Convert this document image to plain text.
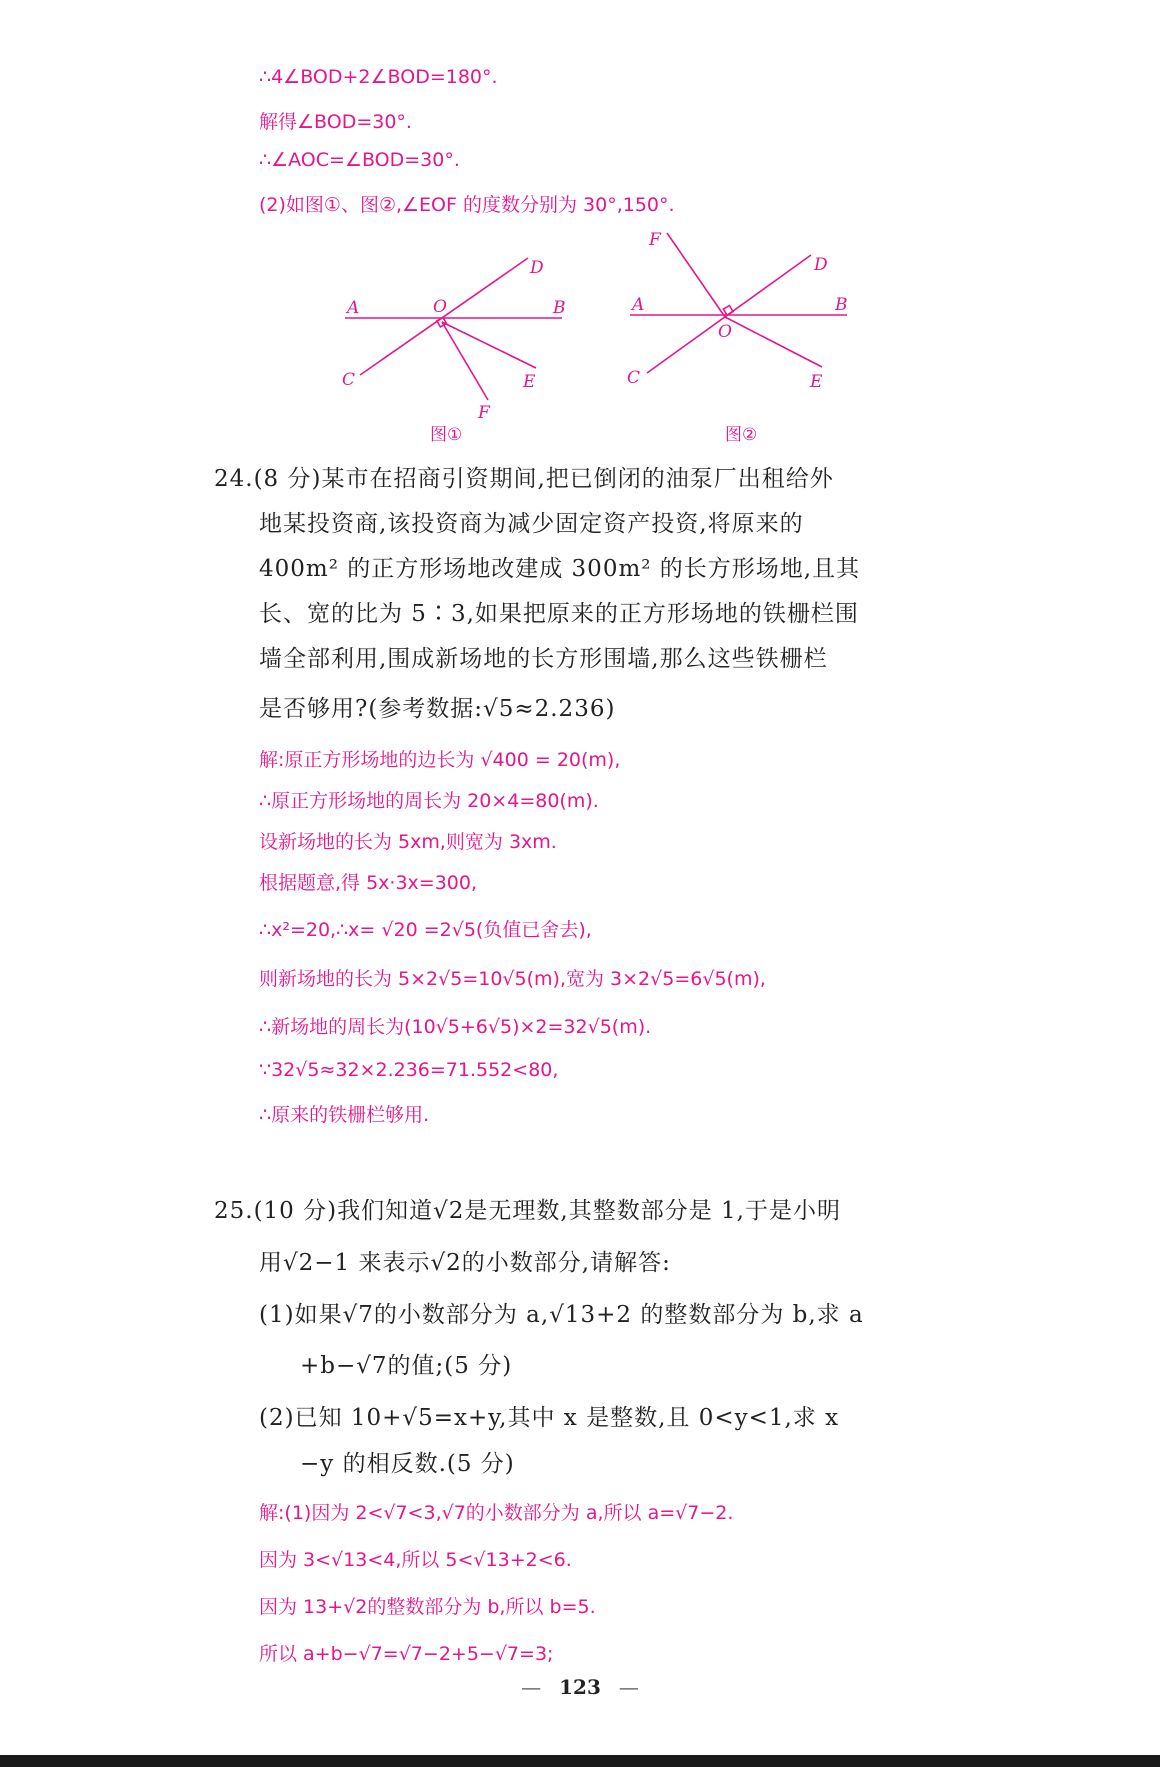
∴4∠BOD+2∠BOD=180°.
解得∠BOD=30°.
∴∠AOC=∠BOD=30°.
(2)如图①、图②,∠EOF 的度数分别为 30°,150°.
A	O	B
C
D
E
F
图①
A
O
B
C
D
E
F
图②
24.(8 分)某市在招商引资期间,把已倒闭的油泵厂出租给外
地某投资商,该投资商为减少固定资产投资,将原来的
400m² 的正方形场地改建成 300m² 的长方形场地,且其
长、宽的比为 5∶3,如果把原来的正方形场地的铁栅栏围
墙全部利用,围成新场地的长方形围墙,那么这些铁栅栏
是否够用?(参考数据:√5≈2.236)
解:原正方形场地的边长为 √400 = 20(m),
∴原正方形场地的周长为 20×4=80(m).
设新场地的长为 5xm,则宽为 3xm.
根据题意,得 5x·3x=300,
∴x²=20,∴x= √20 =2√5(负值已舍去),
则新场地的长为 5×2√5=10√5(m),宽为 3×2√5=6√5(m),
∴新场地的周长为(10√5+6√5)×2=32√5(m).
∵32√5≈32×2.236=71.552<80,
∴原来的铁栅栏够用.
25.(10 分)我们知道√2是无理数,其整数部分是 1,于是小明
用√2−1 来表示√2的小数部分,请解答:
(1)如果√7的小数部分为 a,√13+2 的整数部分为 b,求 a
+b−√7的值;(5 分)
(2)已知 10+√5=x+y,其中 x 是整数,且 0<y<1,求 x
−y 的相反数.(5 分)
解:(1)因为 2<√7<3,√7的小数部分为 a,所以 a=√7−2.
因为 3<√13<4,所以 5<√13+2<6.
因为 13+√2的整数部分为 b,所以 b=5.
所以 a+b−√7=√7−2+5−√7=3;
— 123 —
